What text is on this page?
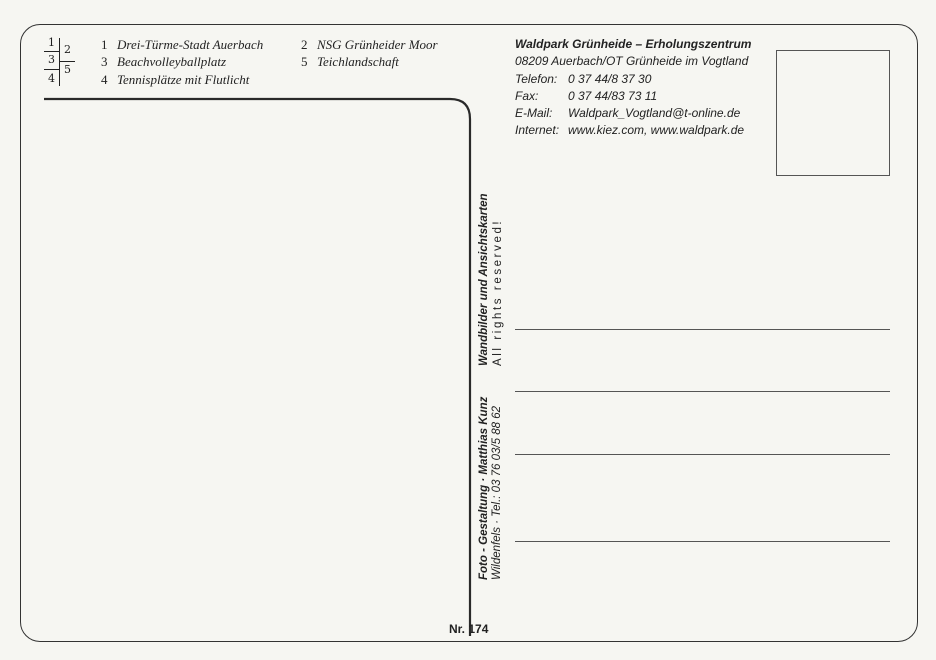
1
2
3
5
4
1 Drei-Türme-Stadt Auerbach
3 Beachvolleyballplatz
4 Tennisplätze mit Flutlicht
2 NSG Grünheider Moor
5 Teichlandschaft
Waldpark Grünheide – Erholungszentrum
08209 Auerbach/OT Grünheide im Vogtland
Telefon: 0 37 44/8 37 30
Fax:	0 37 44/83 73 11
E-Mail:	Waldpark_Vogtland@t-online.de
Internet: www.kiez.com, www.waldpark.de
Foto - Gestaltung · Matthias Kunz Wildenfels · Tel.: 03 76 03/5 88 62
Wandbilder und Ansichtskarten All rights reserved!
Nr. 174
